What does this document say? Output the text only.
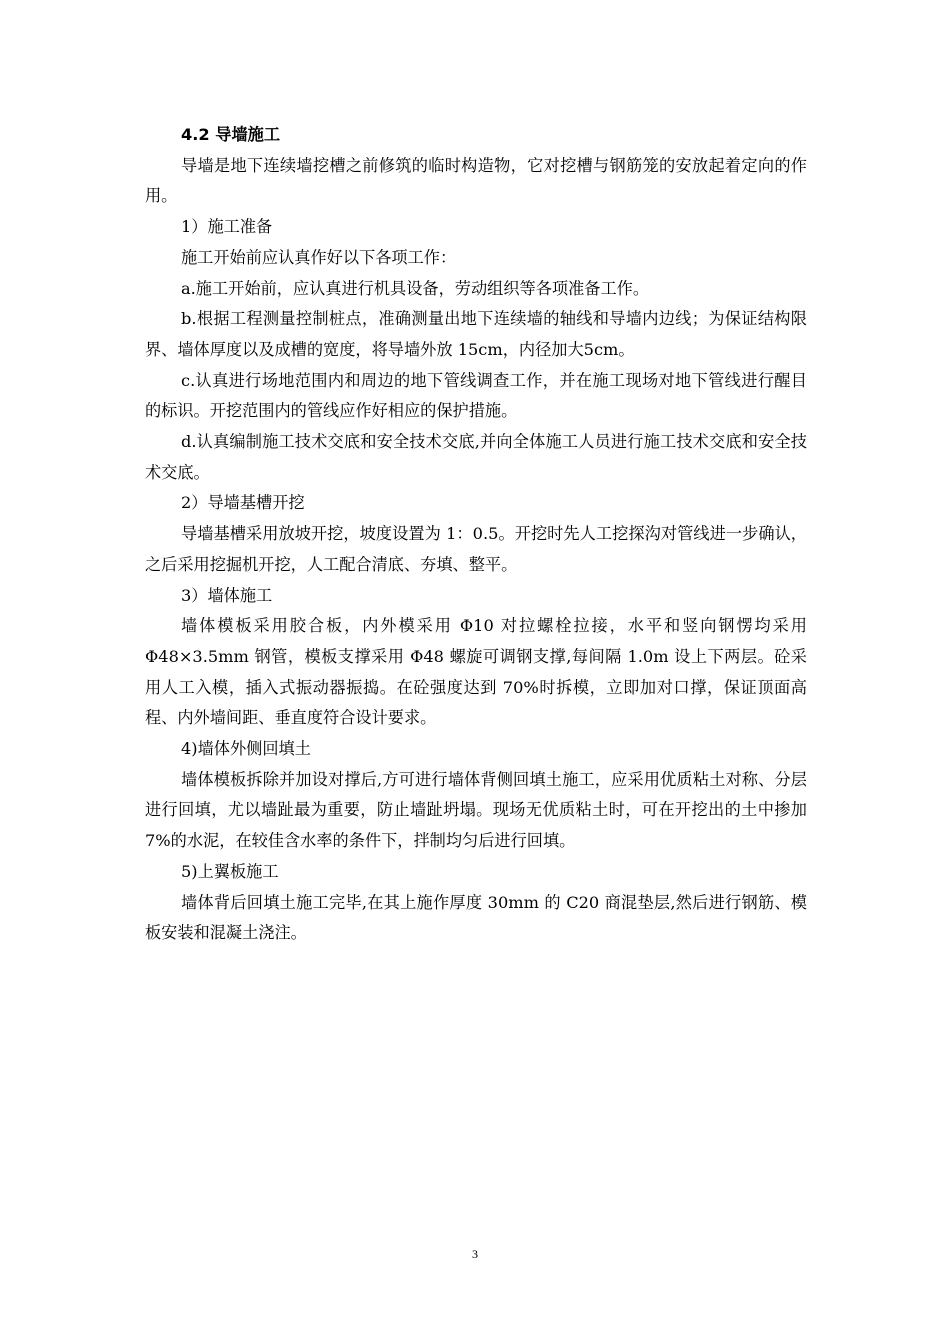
4.2 导墙施工

导墙是地下连续墙挖槽之前修筑的临时构造物，它对挖槽与钢筋笼的安放起着定向的作用。

1）施工准备

施工开始前应认真作好以下各项工作：

a.施工开始前，应认真进行机具设备，劳动组织等各项准备工作。

b.根据工程测量控制桩点，准确测量出地下连续墙的轴线和导墙内边线；为保证结构限界、墙体厚度以及成槽的宽度，将导墙外放 15cm，内径加大5cm。

c.认真进行场地范围内和周边的地下管线调查工作，并在施工现场对地下管线进行醒目的标识。开挖范围内的管线应作好相应的保护措施。

d.认真编制施工技术交底和安全技术交底,并向全体施工人员进行施工技术交底和安全技术交底。

2）导墙基槽开挖

导墙基槽采用放坡开挖，坡度设置为 1：0.5。开挖时先人工挖探沟对管线进一步确认，之后采用挖掘机开挖，人工配合清底、夯填、整平。

3）墙体施工

墙体模板采用胶合板，内外模采用 Φ10 对拉螺栓拉接，水平和竖向钢愣均采用 Φ48×3.5mm 钢管，模板支撑采用 Φ48 螺旋可调钢支撑,每间隔 1.0m 设上下两层。砼采用人工入模，插入式振动器振捣。在砼强度达到 70%时拆模，立即加对口撑，保证顶面高程、内外墙间距、垂直度符合设计要求。

4)墙体外侧回填土

墙体模板拆除并加设对撑后,方可进行墙体背侧回填土施工，应采用优质粘土对称、分层进行回填，尤以墙趾最为重要，防止墙趾坍塌。现场无优质粘土时，可在开挖出的土中掺加 7%的水泥，在较佳含水率的条件下，拌制均匀后进行回填。

5)上翼板施工

墙体背后回填土施工完毕,在其上施作厚度 30mm 的 C20 商混垫层,然后进行钢筋、模板安装和混凝土浇注。

3
